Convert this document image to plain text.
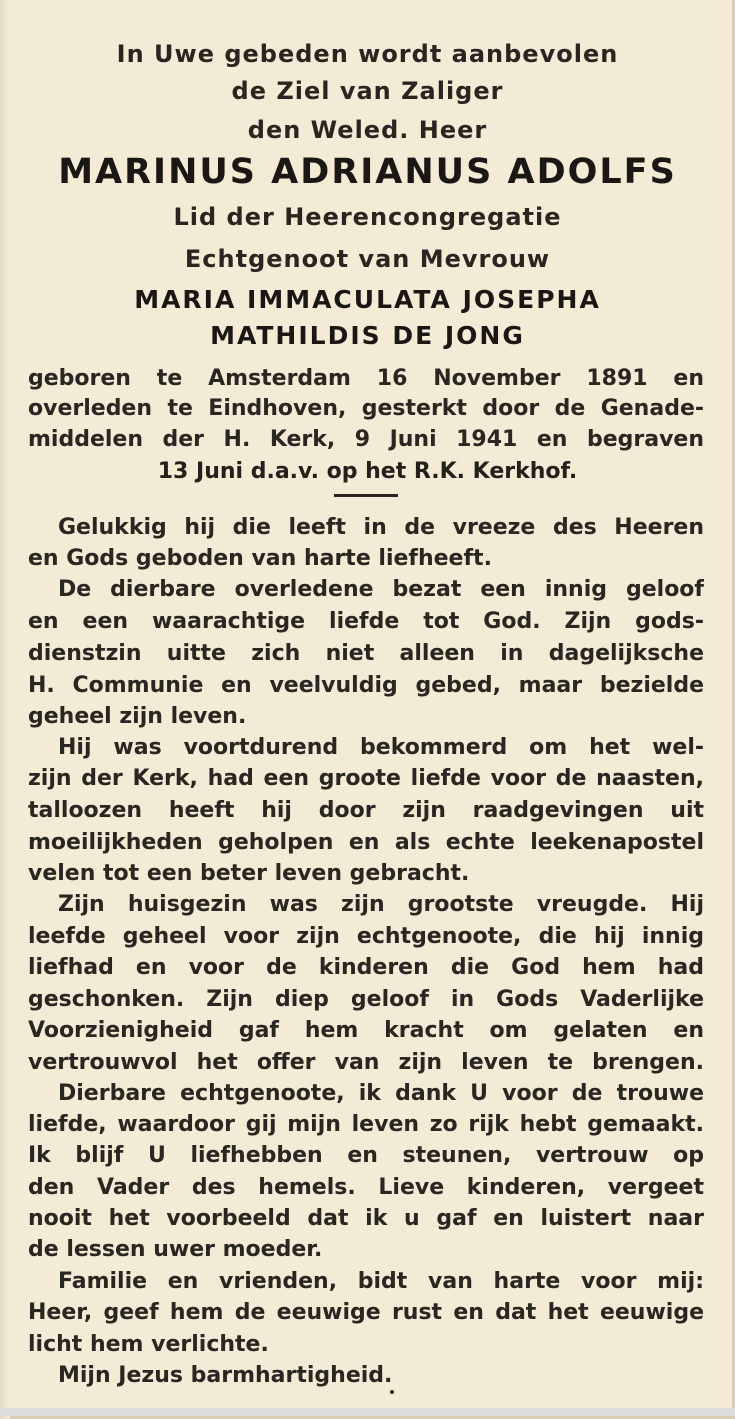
In Uwe gebeden wordt aanbevolen
de Ziel van Zaliger
den Weled. Heer
MARINUS ADRIANUS ADOLFS
Lid der Heerencongregatie
Echtgenoot van Mevrouw
MARIA IMMACULATA JOSEPHA
MATHILDIS DE JONG
geboren te Amsterdam 16 November 1891 en
overleden te Eindhoven, gesterkt door de Genade-
middelen der H. Kerk, 9 Juni 1941 en begraven
13 Juni d.a.v. op het R.K. Kerkhof.
Gelukkig hij die leeft in de vreeze des Heeren
en Gods geboden van harte liefheeft.
De dierbare overledene bezat een innig geloof
en een waarachtige liefde tot God. Zijn gods-
dienstzin uitte zich niet alleen in dagelijksche
H. Communie en veelvuldig gebed, maar bezielde
geheel zijn leven.
Hij was voortdurend bekommerd om het wel-
zijn der Kerk, had een groote liefde voor de naasten,
talloozen heeft hij door zijn raadgevingen uit
moeilijkheden geholpen en als echte leekenapostel
velen tot een beter leven gebracht.
Zijn huisgezin was zijn grootste vreugde. Hij
leefde geheel voor zijn echtgenoote, die hij innig
liefhad en voor de kinderen die God hem had
geschonken. Zijn diep geloof in Gods Vaderlijke
Voorzienigheid gaf hem kracht om gelaten en
vertrouwvol het offer van zijn leven te brengen.
Dierbare echtgenoote, ik dank U voor de trouwe
liefde, waardoor gij mijn leven zo rijk hebt gemaakt.
Ik blijf U liefhebben en steunen, vertrouw op
den Vader des hemels. Lieve kinderen, vergeet
nooit het voorbeeld dat ik u gaf en luistert naar
de lessen uwer moeder.
Familie en vrienden, bidt van harte voor mij:
Heer, geef hem de eeuwige rust en dat het eeuwige
licht hem verlichte.
Mijn Jezus barmhartigheid.
